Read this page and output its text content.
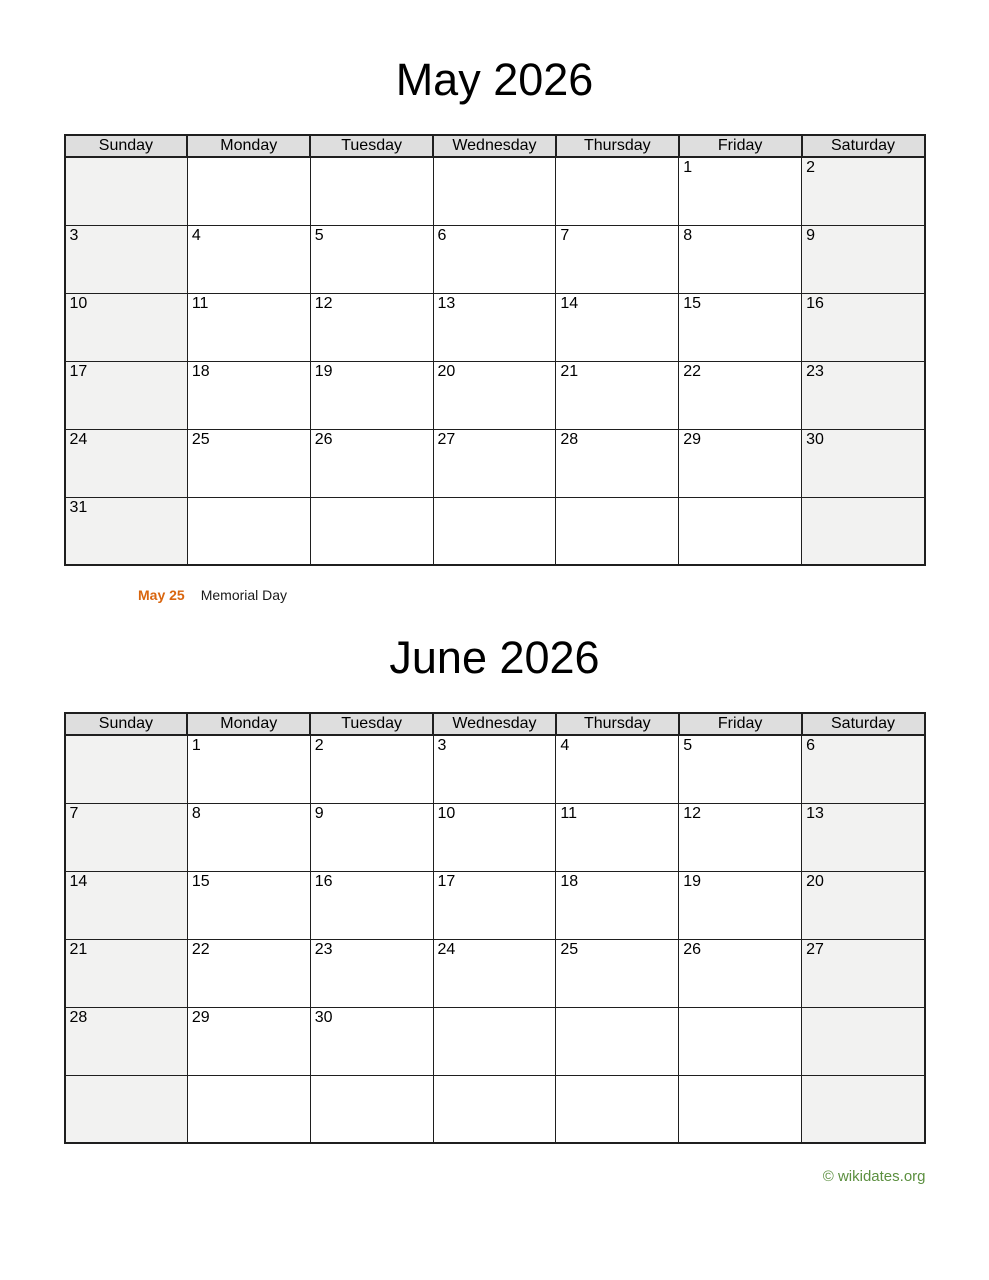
May 2026
Sunday	Monday	Tuesday	Wednesday	Thursday	Friday	Saturday
					1	2
3	4	5	6	7	8	9
10	11	12	13	14	15	16
17	18	19	20	21	22	23
24	25	26	27	28	29	30
31						
May 25 Memorial Day
June 2026
Sunday	Monday	Tuesday	Wednesday	Thursday	Friday	Saturday
	1	2	3	4	5	6
7	8	9	10	11	12	13
14	15	16	17	18	19	20
21	22	23	24	25	26	27
28	29	30				

© wikidates.org
